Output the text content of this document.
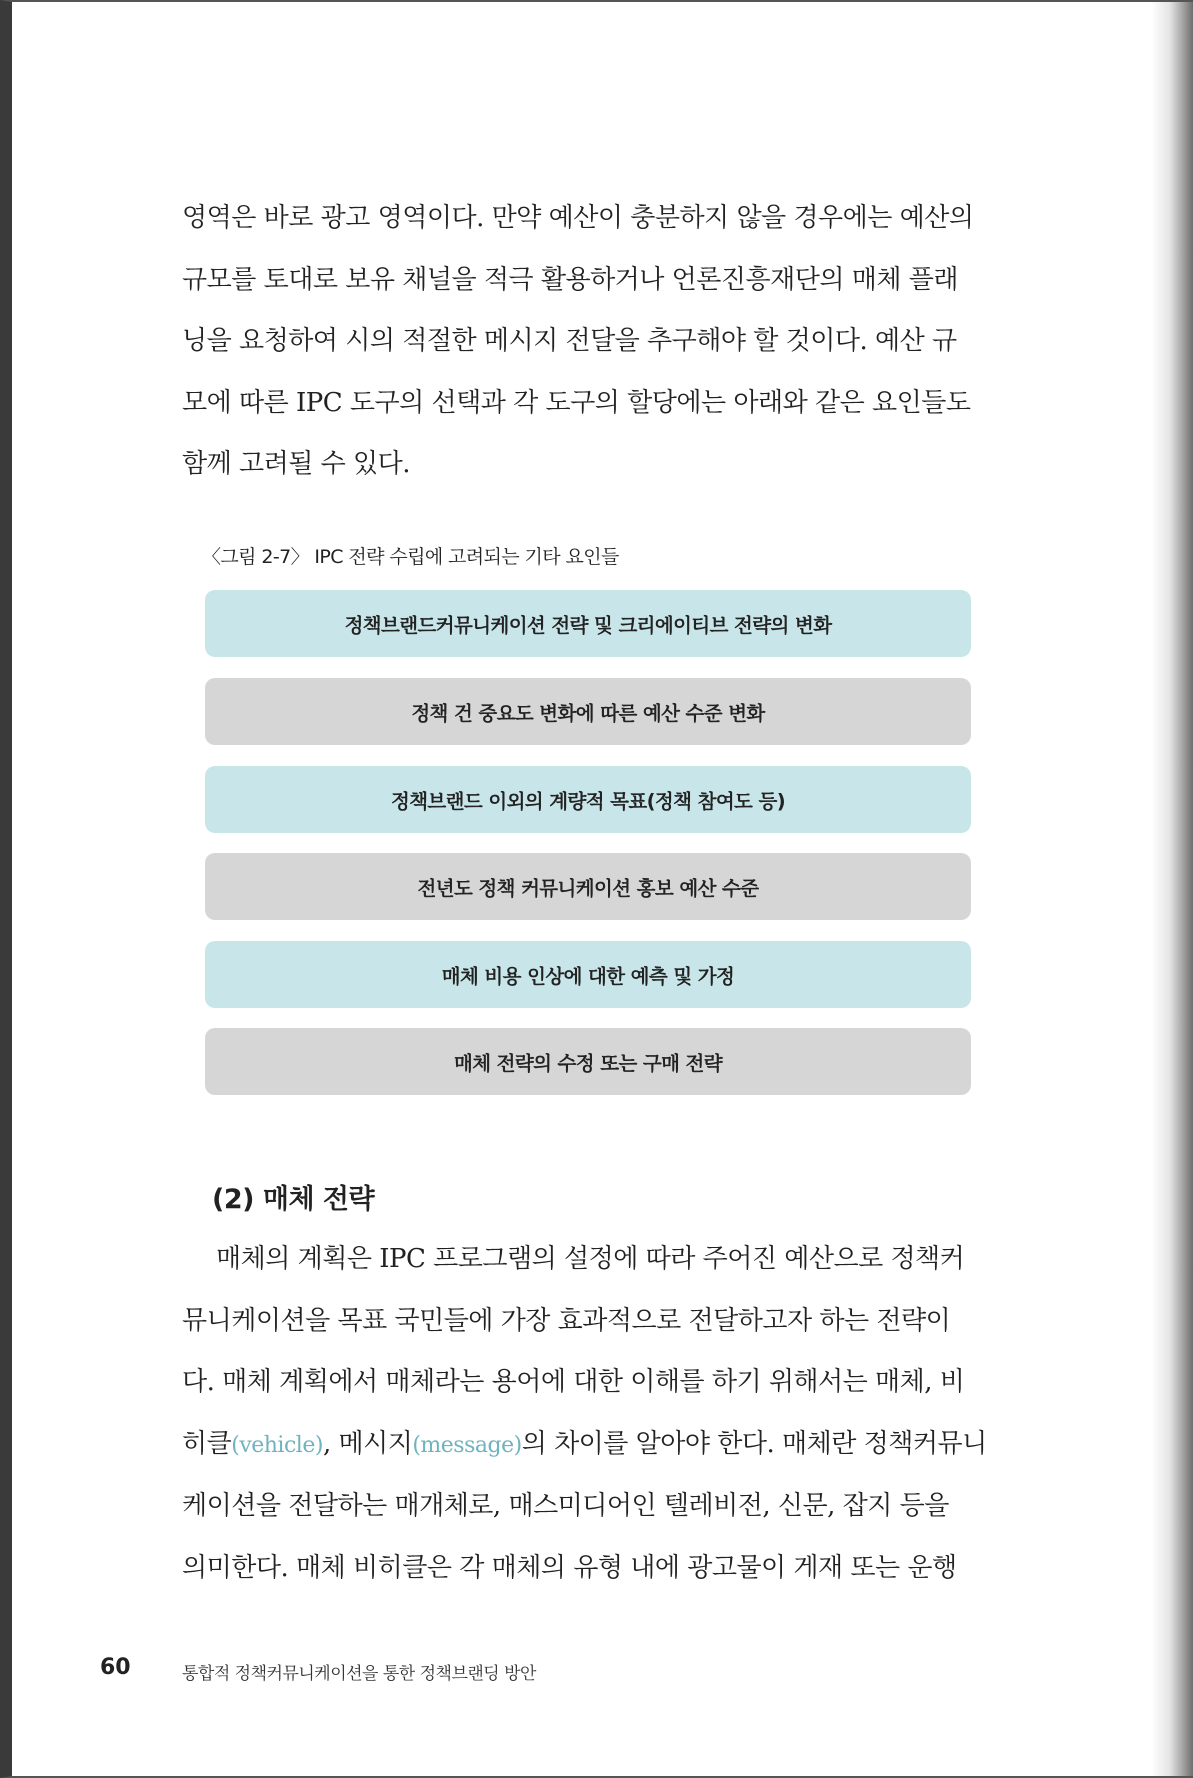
영역은 바로 광고 영역이다. 만약 예산이 충분하지 않을 경우에는 예산의
규모를 토대로 보유 채널을 적극 활용하거나 언론진흥재단의 매체 플래
닝을 요청하여 시의 적절한 메시지 전달을 추구해야 할 것이다. 예산 규
모에 따른 IPC 도구의 선택과 각 도구의 할당에는 아래와 같은 요인들도
함께 고려될 수 있다.

〈그림 2-7〉 IPC 전략 수립에 고려되는 기타 요인들
정책브랜드커뮤니케이션 전략 및 크리에이티브 전략의 변화
정책 건 중요도 변화에 따른 예산 수준 변화
정책브랜드 이외의 계량적 목표(정책 참여도 등)
전년도 정책 커뮤니케이션 홍보 예산 수준
매체 비용 인상에 대한 예측 및 가정
매체 전략의 수정 또는 구매 전략
(2) 매체 전략

매체의 계획은 IPC 프로그램의 설정에 따라 주어진 예산으로 정책커
뮤니케이션을 목표 국민들에 가장 효과적으로 전달하고자 하는 전략이
다. 매체 계획에서 매체라는 용어에 대한 이해를 하기 위해서는 매체, 비
히클(vehicle), 메시지(message)의 차이를 알아야 한다. 매체란 정책커뮤니
케이션을 전달하는 매개체로, 매스미디어인 텔레비전, 신문, 잡지 등을
의미한다. 매체 비히클은 각 매체의 유형 내에 광고물이 게재 또는 운행

60	통합적 정책커뮤니케이션을 통한 정책브랜딩 방안
